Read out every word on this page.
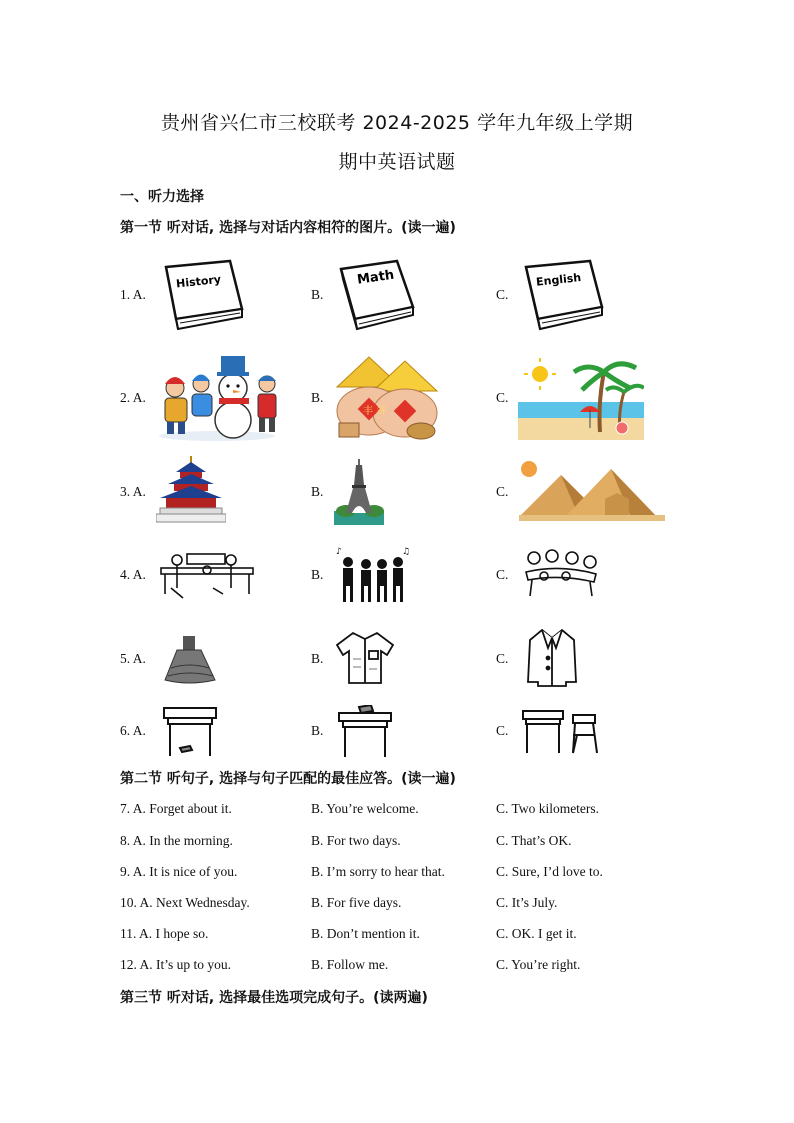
贵州省兴仁市三校联考 2024-2025 学年九年级上学期
期中英语试题
一、听力选择
第一节 听对话, 选择与对话内容相符的图片。(读一遍)
1. A.	B.	C.
History	Math	English
2. A.	B.	C.
丰 谷
3. A.	B.	C.
4. A.	B.	C.
♪	♫
5. A.	B.	C.
6. A.	B.	C.
第二节 听句子, 选择与句子匹配的最佳应答。(读一遍)
7. A. Forget about it.	B. You’re welcome.	C. Two kilometers.
8. A. In the morning.	B. For two days.	C. That’s OK.
9. A. It is nice of you.	B. I’m sorry to hear that.	C. Sure, I’d love to.
10. A. Next Wednesday.	B. For five days.	C. It’s July.
11. A. I hope so.	B. Don’t mention it.	C. OK. I get it.
12. A. It’s up to you.	B. Follow me.	C. You’re right.
第三节 听对话, 选择最佳选项完成句子。(读两遍)
